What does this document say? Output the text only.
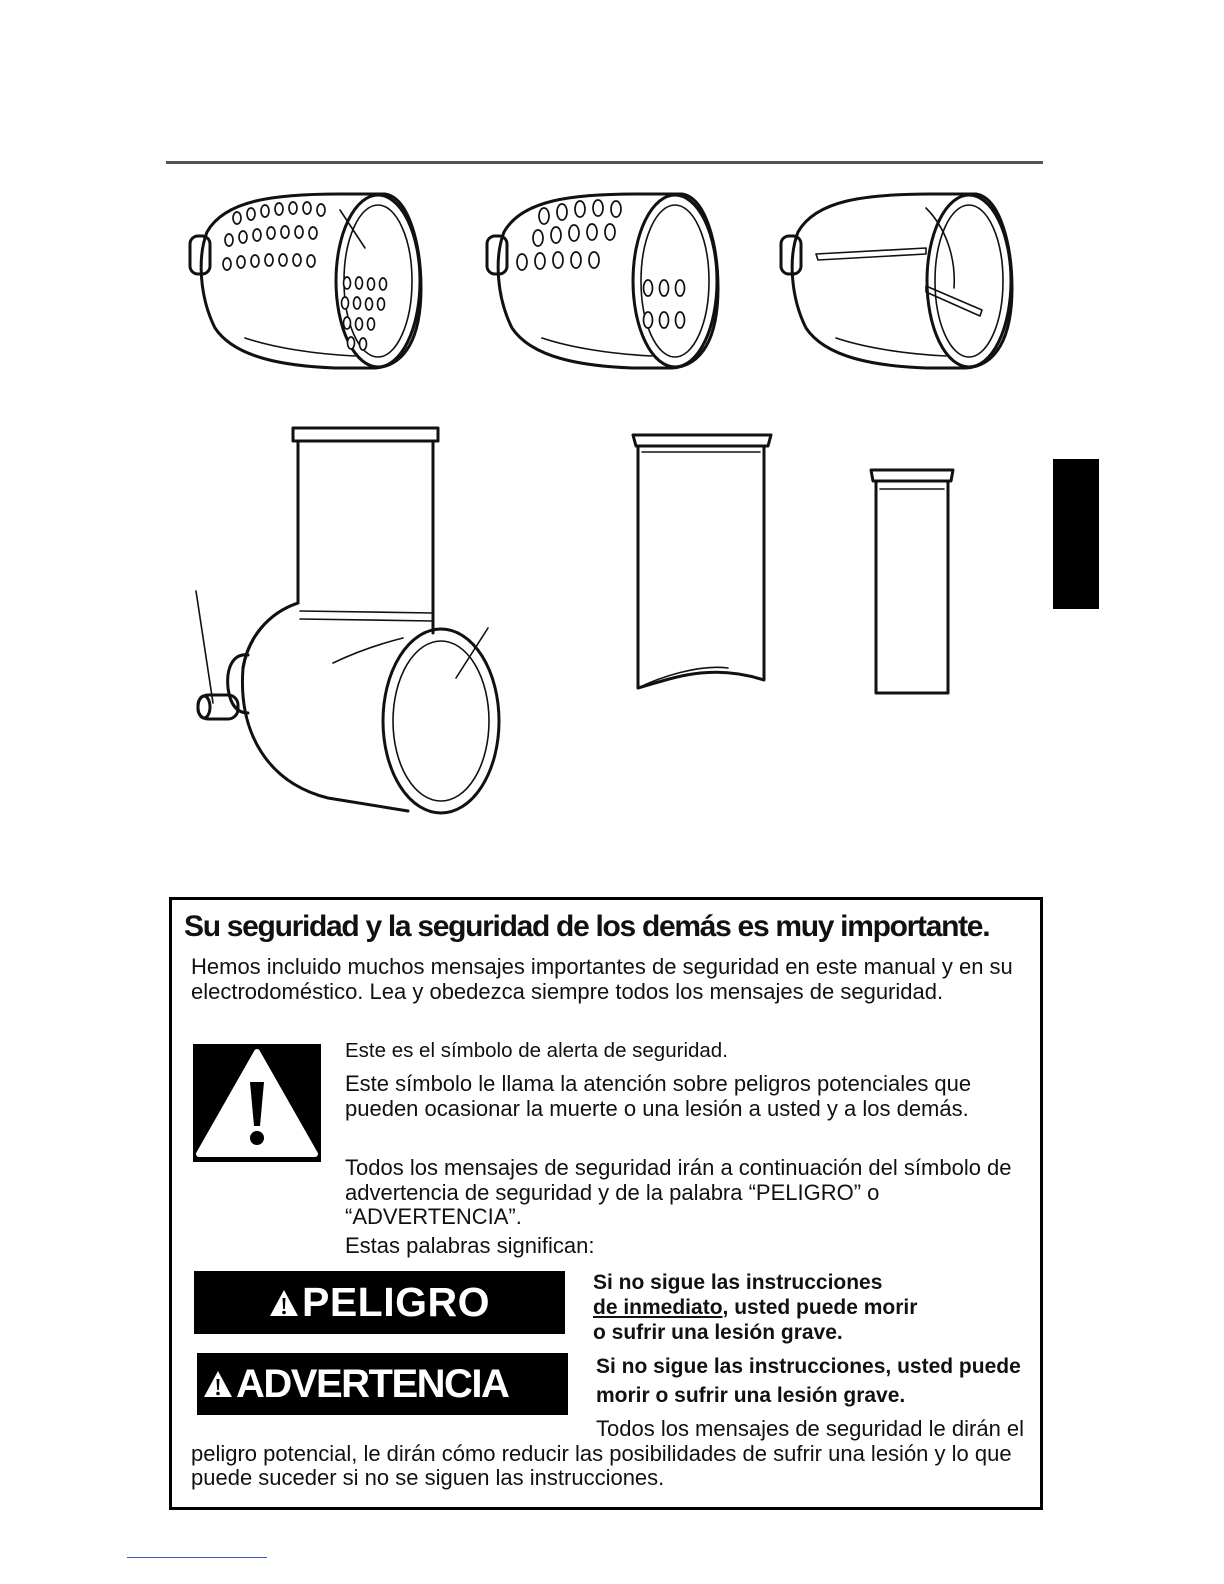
Su seguridad y la seguridad de los demás es muy importante.

Hemos incluido muchos mensajes importantes de seguridad en este manual y en su electrodoméstico. Lea y obedezca siempre todos los mensajes de seguridad.

Este es el símbolo de alerta de seguridad.

Este símbolo le llama la atención sobre peligros potenciales que pueden ocasionar la muerte o una lesión a usted y a los demás.

Todos los mensajes de seguridad irán a continuación del símbolo de advertencia de seguridad y de la palabra “PELIGRO” o “ADVERTENCIA”.

Estas palabras significan:

PELIGRO	Si no sigue las instrucciones
de inmediato, usted puede morir
o sufrir una lesión grave.

ADVERTENCIA	Si no sigue las instrucciones, usted puede morir o sufrir una lesión grave.

Todos los mensajes de seguridad le dirán el peligro potencial, le dirán cómo reducir las posibilidades de sufrir una lesión y lo que puede suceder si no se siguen las instrucciones.
